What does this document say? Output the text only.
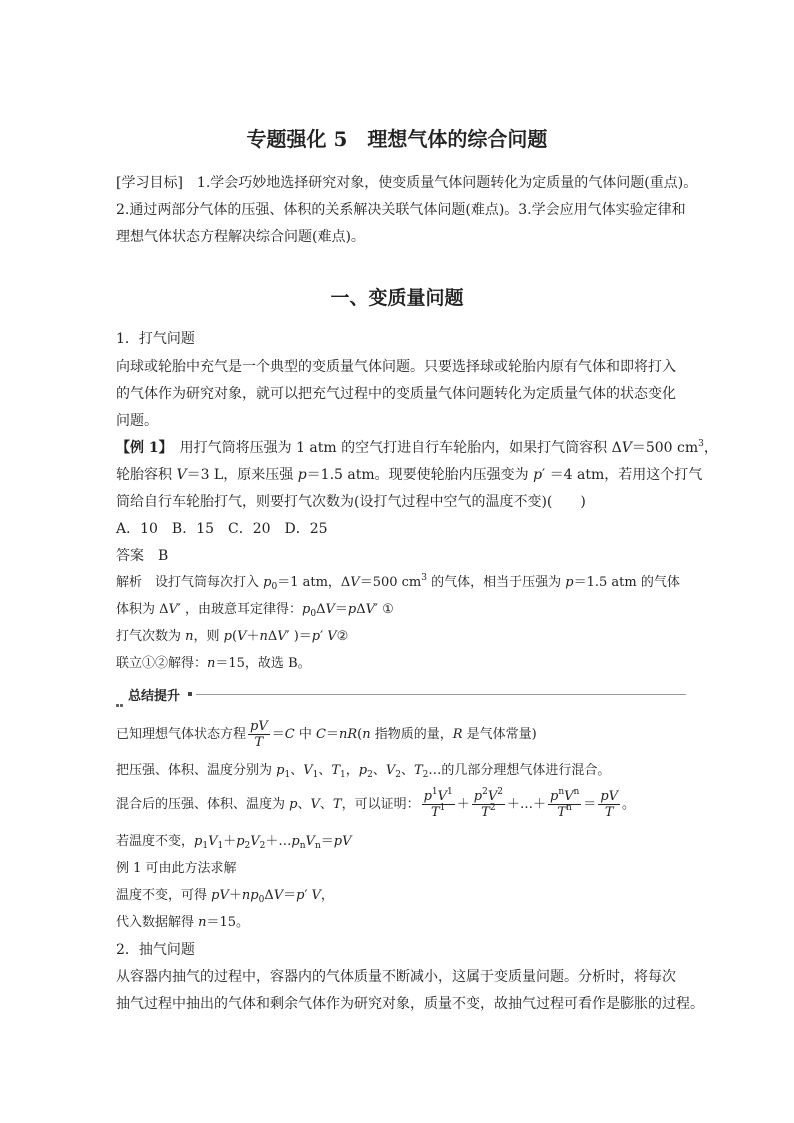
专题强化 5　理想气体的综合问题
[学习目标]　1.学会巧妙地选择研究对象，使变质量气体问题转化为定质量的气体问题(重点)。
2.通过两部分气体的压强、体积的关系解决关联气体问题(难点)。3.学会应用气体实验定律和
理想气体状态方程解决综合问题(难点)。
一、变质量问题
1．打气问题
向球或轮胎中充气是一个典型的变质量气体问题。只要选择球或轮胎内原有气体和即将打入
的气体作为研究对象，就可以把充气过程中的变质量气体问题转化为定质量气体的状态变化
问题。
【例 1】　用打气筒将压强为 1 atm 的空气打进自行车轮胎内，如果打气筒容积 ΔV＝500 $cm^3$，
轮胎容积 V＝3 L，原来压强 p＝1.5 atm。现要使轮胎内压强变为 p′ ＝4 atm，若用这个打气
筒给自行车轮胎打气，则要打气次数为(设打气过程中空气的温度不变)(　　)
A．10　B．15　C．20　D．25
答案　B
解析　设打气筒每次打入 $p_0=1$ atm，ΔV＝500 $cm^3$ 的气体，相当于压强为 p＝1.5 atm 的气体
体积为 ΔV′ ，由玻意耳定律得：$p_0\Delta V=p\Delta V'$ ①
打气次数为 n，则 p(V＋nΔV′ )＝p′ V②
联立①②解得：n＝15，故选 B。
总结提升
已知理想气体状态方程 $\frac{pV}{T} =C$ 中 C＝nR(n 指物质的量，R 是气体常量)
把压强、体积、温度分别为 $p_1$、$V_1$、$T_1$，$p_2$、$V_2$、$T_2\dots$的几部分理想气体进行混合。
混合后的压强、体积、温度为 p、V、T，可以证明： $\frac{p^1V^1}{T^1} + \frac{p^2V^2}{T^2}$ ＋…＋ $\frac{p^nV^n}{T^n} = \frac{pV}{T}$ 。
若温度不变，$p_1V_1+p_2V_2+\dots p_nV_n=pV$
例 1 可由此方法求解
温度不变，可得 $pV+np_0\Delta V=p'$ V，
代入数据解得 n＝15。
2．抽气问题
从容器内抽气的过程中，容器内的气体质量不断减小，这属于变质量问题。分析时，将每次
抽气过程中抽出的气体和剩余气体作为研究对象，质量不变，故抽气过程可看作是膨胀的过程。
